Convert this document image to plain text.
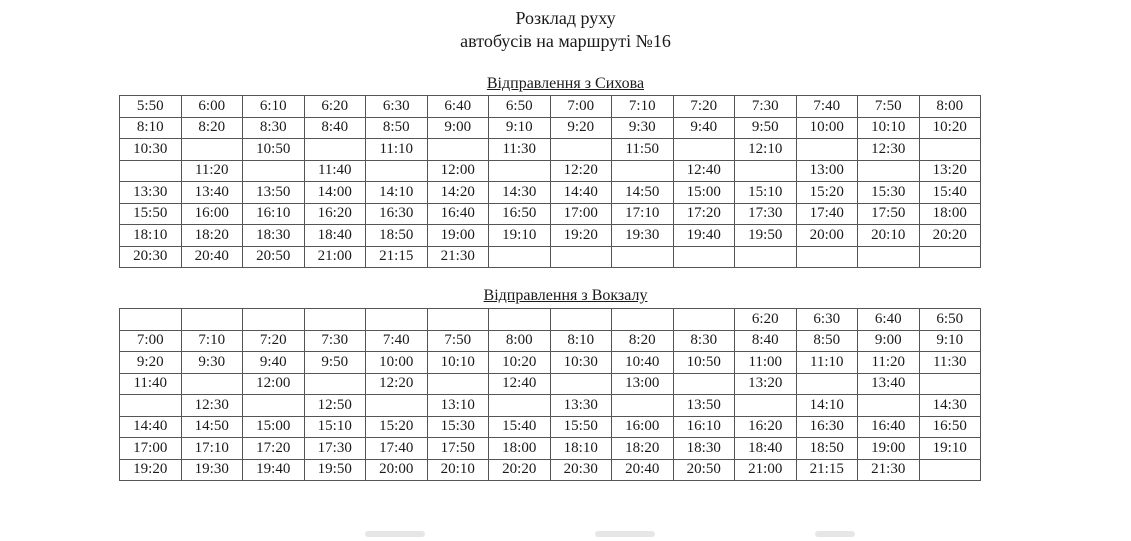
Розклад руху
автобусів на маршруті №16
Відправлення з Сихова
5:50	6:00	6:10	6:20	6:30	6:40	6:50	7:00	7:10	7:20	7:30	7:40	7:50	8:00
8:10	8:20	8:30	8:40	8:50	9:00	9:10	9:20	9:30	9:40	9:50	10:00	10:10	10:20
10:30		10:50		11:10		11:30		11:50		12:10		12:30	
	11:20		11:40		12:00		12:20		12:40		13:00		13:20
13:30	13:40	13:50	14:00	14:10	14:20	14:30	14:40	14:50	15:00	15:10	15:20	15:30	15:40
15:50	16:00	16:10	16:20	16:30	16:40	16:50	17:00	17:10	17:20	17:30	17:40	17:50	18:00
18:10	18:20	18:30	18:40	18:50	19:00	19:10	19:20	19:30	19:40	19:50	20:00	20:10	20:20
20:30	20:40	20:50	21:00	21:15	21:30								
Відправлення з Вокзалу
										6:20	6:30	6:40	6:50
7:00	7:10	7:20	7:30	7:40	7:50	8:00	8:10	8:20	8:30	8:40	8:50	9:00	9:10
9:20	9:30	9:40	9:50	10:00	10:10	10:20	10:30	10:40	10:50	11:00	11:10	11:20	11:30
11:40		12:00		12:20		12:40		13:00		13:20		13:40	
	12:30		12:50		13:10		13:30		13:50		14:10		14:30
14:40	14:50	15:00	15:10	15:20	15:30	15:40	15:50	16:00	16:10	16:20	16:30	16:40	16:50
17:00	17:10	17:20	17:30	17:40	17:50	18:00	18:10	18:20	18:30	18:40	18:50	19:00	19:10
19:20	19:30	19:40	19:50	20:00	20:10	20:20	20:30	20:40	20:50	21:00	21:15	21:30	
